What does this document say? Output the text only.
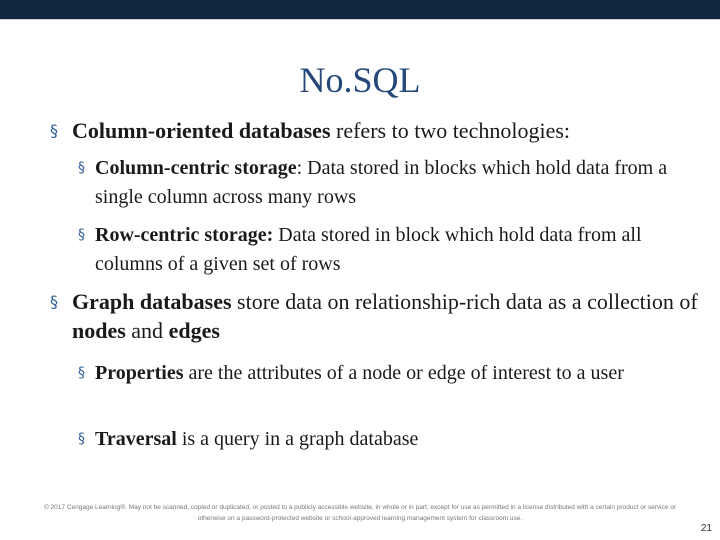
No.SQL
§ Column-oriented databases refers to two technologies:
§ Column-centric storage: Data stored in blocks which hold data from a single column across many rows
§ Row-centric storage: Data stored in block which hold data from all columns of a given set of rows
§ Graph databases store data on relationship-rich data as a collection of nodes and edges
§ Properties are the attributes of a node or edge of interest to a user
§ Traversal is a query in a graph database
© 2017 Cengage Learning®. May not be scanned, copied or duplicated, or posted to a publicly accessible website, in whole or in part, except for use as permitted in a license distributed with a certain product or service or otherwise on a password-protected website or school-approved learning management system for classroom use.
21
